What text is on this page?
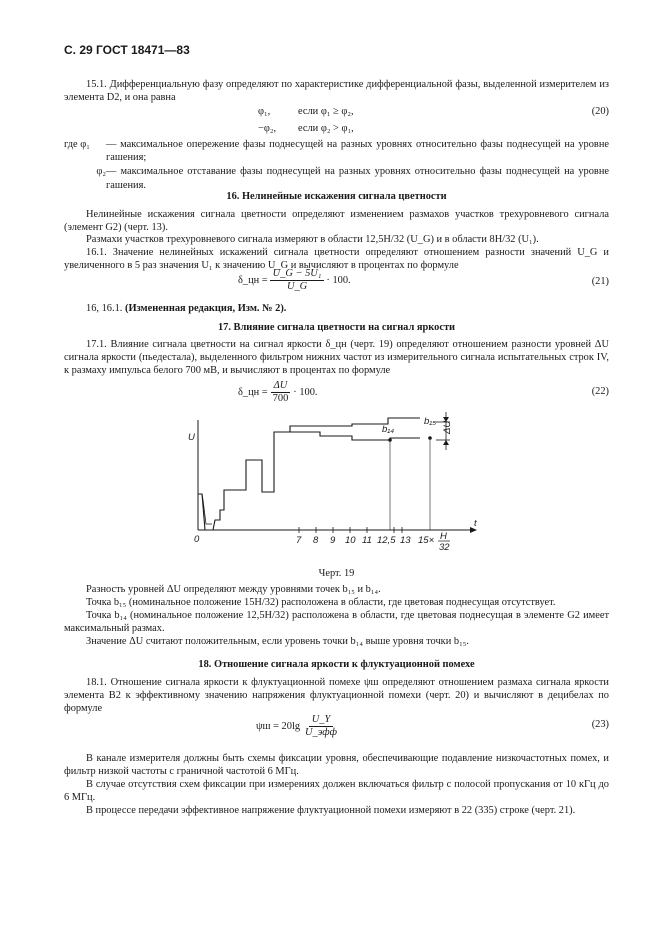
С. 29 ГОСТ 18471—83
15.1. Дифференциальную фазу определяют по характеристике дифференциальной фазы, выделенной измерителем из элемента D2, и она равна
φ₁,	если φ₁ ≥ φ₂,
−φ₂,	если φ₂ > φ₁,
(20)
где φ₁	— максимальное опережение фазы поднесущей на разных уровнях относительно фазы поднесущей на уровне гашения;
φ₂ — максимальное отставание фазы поднесущей на разных уровнях относительно фазы поднесущей на уровне гашения.
16. Нелинейные искажения сигнала цветности
Нелинейные искажения сигнала цветности определяют изменением размахов участков трехуровневого сигнала (элемент G2) (черт. 13).
Размахи участков трехуровневого сигнала измеряют в области 12,5H/32 (U_G) и в области 8H/32 (U₁).
16.1. Значение нелинейных искажений сигнала цветности определяют отношением разности значений U_G и увеличенного в 5 раз значения U₁ к значению U_G и вычисляют в процентах по формуле
δ_цн = $\frac{\text{U\_G − 5U₁}}{U\_G} \cdot 100$.	(21)
16, 16.1. (Измененная редакция, Изм. № 2).
17. Влияние сигнала цветности на сигнал яркости
17.1. Влияние сигнала цветности на сигнал яркости δ_цн (черт. 19) определяют отношением разности уровней ΔU сигнала яркости (пьедестала), выделенного фильтром нижних частот из измерительного сигнала испытательных строк IV, к размаху импульса белого 700 мВ, и вычисляют в процентах по формуле
δ_цн = $\frac{\Delta U}{700} \cdot 100$.	(22)
U
t
0
b₁₄
b₁₅ ΔU
7 8 9 10 11 12,5 13 15× H
32
Черт. 19
Разность уровней ΔU определяют между уровнями точек b₁₅ и b₁₄.
Точка b₁₅ (номинальное положение 15H/32) расположена в области, где цветовая поднесущая отсутствует.
Точка b₁₄ (номинальное положение 12,5H/32) расположена в области, где цветовая поднесущая в элементе G2 имеет максимальный размах.
Значение ΔU считают положительным, если уровень точки b₁₄ выше уровня точки b₁₅.
18. Отношение сигнала яркости к флуктуационной помехе
18.1. Отношение сигнала яркости к флуктуационной помехе ψш определяют отношением размаха сигнала яркости элемента B2 к эффективному значению напряжения флуктуационной помехи (черт. 20) и вычисляют в децибелах по формуле
$\psi ш = 20\lg \frac{U\_Y}{\text{U\_эфф}}$	(23)
В канале измерителя должны быть схемы фиксации уровня, обеспечивающие подавление низкочастотных помех, и фильтр низкой частоты с граничной частотой 6 МГц.
В случае отсутствия схем фиксации при измерениях должен включаться фильтр с полосой пропускания от 10 кГц до 6 МГц.
В процессе передачи эффективное напряжение флуктуационной помехи измеряют в 22 (335) строке (черт. 21).
